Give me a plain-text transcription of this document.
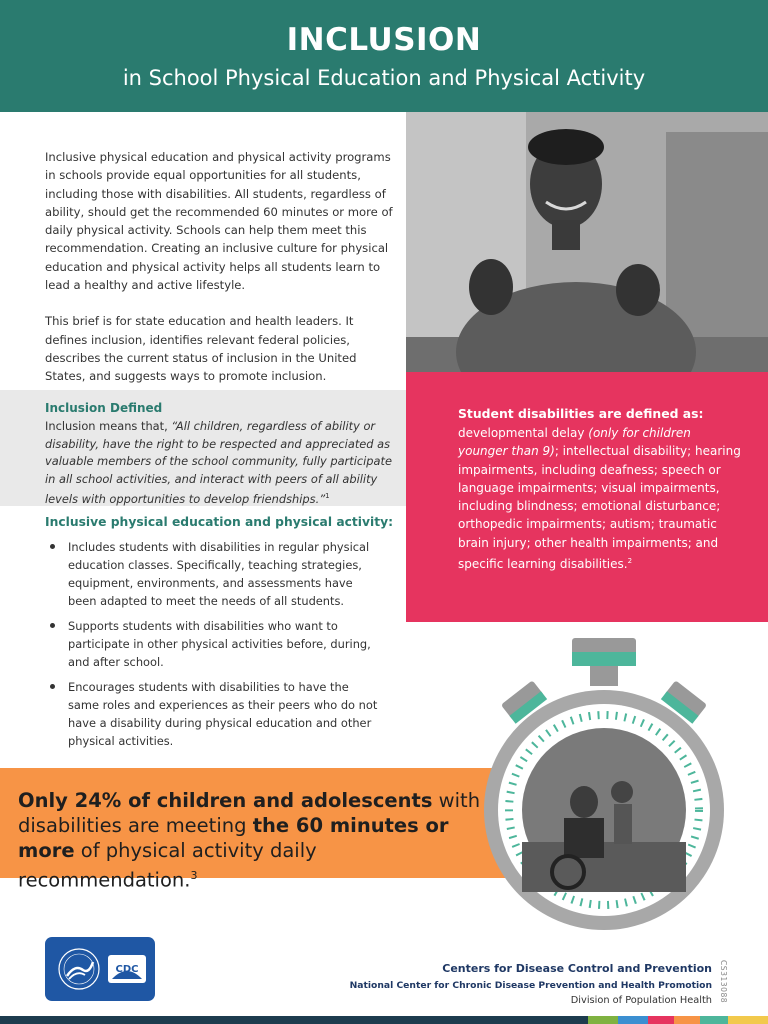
INCLUSION
in School Physical Education and Physical Activity

Inclusive physical education and physical activity programs in schools provide equal opportunities for all students, including those with disabilities. All students, regardless of ability, should get the recommended 60 minutes or more of daily physical activity. Schools can help them meet this recommendation. Creating an inclusive culture for physical education and physical activity helps all students learn to lead a healthy and active lifestyle.

This brief is for state education and health leaders. It defines inclusion, identifies relevant federal policies, describes the current status of inclusion in the United States, and suggests ways to promote inclusion.

Inclusion Defined
Inclusion means that, “All children, regardless of ability or disability, have the right to be respected and appreciated as valuable members of the school community, fully participate in all school activities, and interact with peers of all ability levels with opportunities to develop friendships.”$^1$
Inclusive physical education and physical activity:
Includes students with disabilities in regular physical education classes. Specifically, teaching strategies, equipment, environments, and assessments have been adapted to meet the needs of all students.
Supports students with disabilities who want to participate in other physical activities before, during, and after school.
Encourages students with disabilities to have the same roles and experiences as their peers who do not have a disability during physical education and other physical activities.
Student disabilities are defined as:
developmental delay (only for children younger than 9); intellectual disability; hearing impairments, including deafness; speech or language impairments; visual impairments, including blindness; emotional disturbance; orthopedic impairments; autism; traumatic brain injury; other health impairments; and specific learning disabilities.$^2$
Only 24% of children and adolescents with disabilities are meeting the 60 minutes or more of physical activity daily recommendation.$^3$
CDC	Centers for Disease Control and Prevention
National Center for Chronic Disease Prevention and Health Promotion
Division of Population Health CS313088
